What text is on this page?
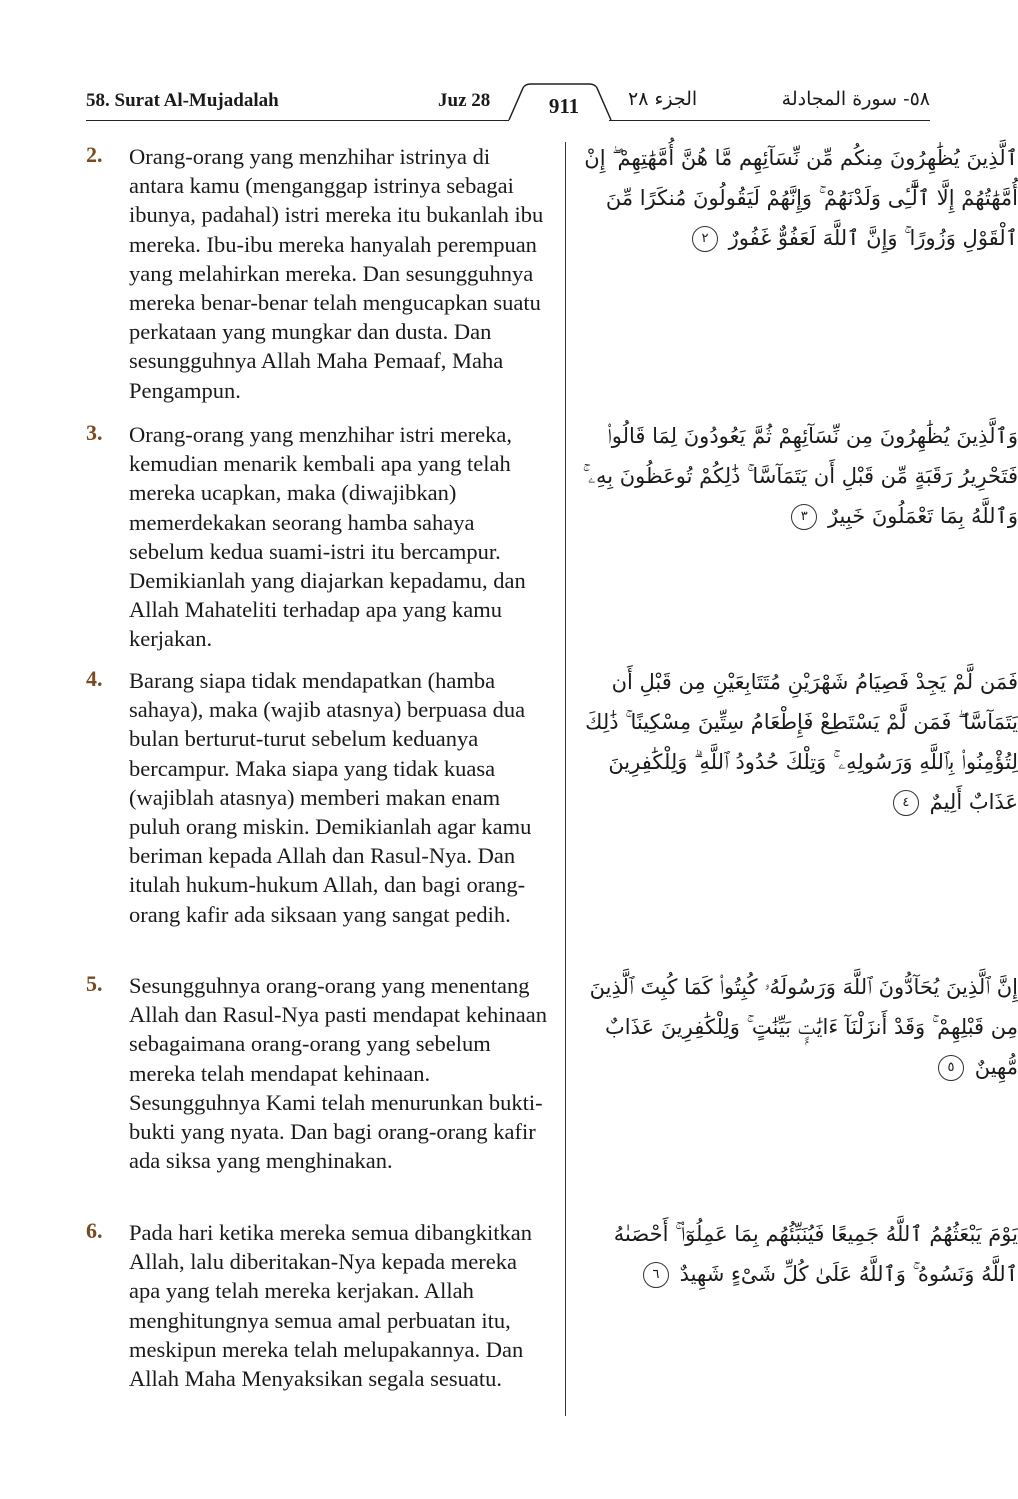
58. Surat Al-Mujadalah	Juz 28	911	الجزء ٢٨	٥٨- سورة المجادلة
2. Orang-orang yang menzhihar istrinya di antara kamu (menganggap istrinya sebagai ibunya, padahal) istri mereka itu bukanlah ibu mereka. Ibu-ibu mereka hanyalah perempuan yang melahirkan mereka. Dan sesungguhnya mereka benar-benar telah mengucapkan suatu perkataan yang mungkar dan dusta. Dan sesungguhnya Allah Maha Pemaaf, Maha Pengampun.
ٱلَّذِينَ يُظَٰهِرُونَ مِنكُم مِّن نِّسَآئِهِم مَّا هُنَّ أُمَّهَٰتِهِمْ ۖ إِنْ أُمَّهَٰتُهُمْ إِلَّا ٱلَّٰٓـِٔى وَلَدْنَهُمْ ۚ وَإِنَّهُمْ لَيَقُولُونَ مُنكَرًا مِّنَ ٱلْقَوْلِ وَزُورًا ۚ وَإِنَّ ٱللَّهَ لَعَفُوٌّ غَفُورٌ ٢
3. Orang-orang yang menzhihar istri mereka, kemudian menarik kembali apa yang telah mereka ucapkan, maka (diwajibkan) memerdekakan seorang hamba sahaya sebelum kedua suami-istri itu bercampur. Demikianlah yang diajarkan kepadamu, dan Allah Mahateliti terhadap apa yang kamu kerjakan.
وَٱلَّذِينَ يُظَٰهِرُونَ مِن نِّسَآئِهِمْ ثُمَّ يَعُودُونَ لِمَا قَالُوا۟ فَتَحْرِيرُ رَقَبَةٍ مِّن قَبْلِ أَن يَتَمَآسَّا ۚ ذَٰلِكُمْ تُوعَظُونَ بِهِۦ ۚ وَٱللَّهُ بِمَا تَعْمَلُونَ خَبِيرٌ ٣
4. Barang siapa tidak mendapatkan (hamba sahaya), maka (wajib atasnya) berpuasa dua bulan berturut-turut sebelum keduanya bercampur. Maka siapa yang tidak kuasa (wajiblah atasnya) memberi makan enam puluh orang miskin. Demikianlah agar kamu beriman kepada Allah dan Rasul-Nya. Dan itulah hukum-hukum Allah, dan bagi orang-orang kafir ada siksaan yang sangat pedih.
فَمَن لَّمْ يَجِدْ فَصِيَامُ شَهْرَيْنِ مُتَتَابِعَيْنِ مِن قَبْلِ أَن يَتَمَآسَّا ۖ فَمَن لَّمْ يَسْتَطِعْ فَإِطْعَامُ سِتِّينَ مِسْكِينًا ۚ ذَٰلِكَ لِتُؤْمِنُوا۟ بِٱللَّهِ وَرَسُولِهِۦ ۚ وَتِلْكَ حُدُودُ ٱللَّهِ ۗ وَلِلْكَٰفِرِينَ عَذَابٌ أَلِيمٌ ٤
5. Sesungguhnya orang-orang yang menentang Allah dan Rasul-Nya pasti mendapat kehinaan sebagaimana orang-orang yang sebelum mereka telah mendapat kehinaan. Sesungguhnya Kami telah menurunkan bukti-bukti yang nyata. Dan bagi orang-orang kafir ada siksa yang menghinakan.
إِنَّ ٱلَّذِينَ يُحَآدُّونَ ٱللَّهَ وَرَسُولَهُۥ كُبِتُوا۟ كَمَا كُبِتَ ٱلَّذِينَ مِن قَبْلِهِمْ ۚ وَقَدْ أَنزَلْنَآ ءَايَٰتٍۭ بَيِّنَٰتٍ ۚ وَلِلْكَٰفِرِينَ عَذَابٌ مُّهِينٌ ٥
6. Pada hari ketika mereka semua dibangkitkan Allah, lalu diberitakan-Nya kepada mereka apa yang telah mereka kerjakan. Allah menghitungnya semua amal perbuatan itu, meskipun mereka telah melupakannya. Dan Allah Maha Menyaksikan segala sesuatu.
يَوْمَ يَبْعَثُهُمُ ٱللَّهُ جَمِيعًا فَيُنَبِّئُهُم بِمَا عَمِلُوٓا۟ ۚ أَحْصَىٰهُ ٱللَّهُ وَنَسُوهُ ۚ وَٱللَّهُ عَلَىٰ كُلِّ شَىْءٍ شَهِيدٌ ٦
